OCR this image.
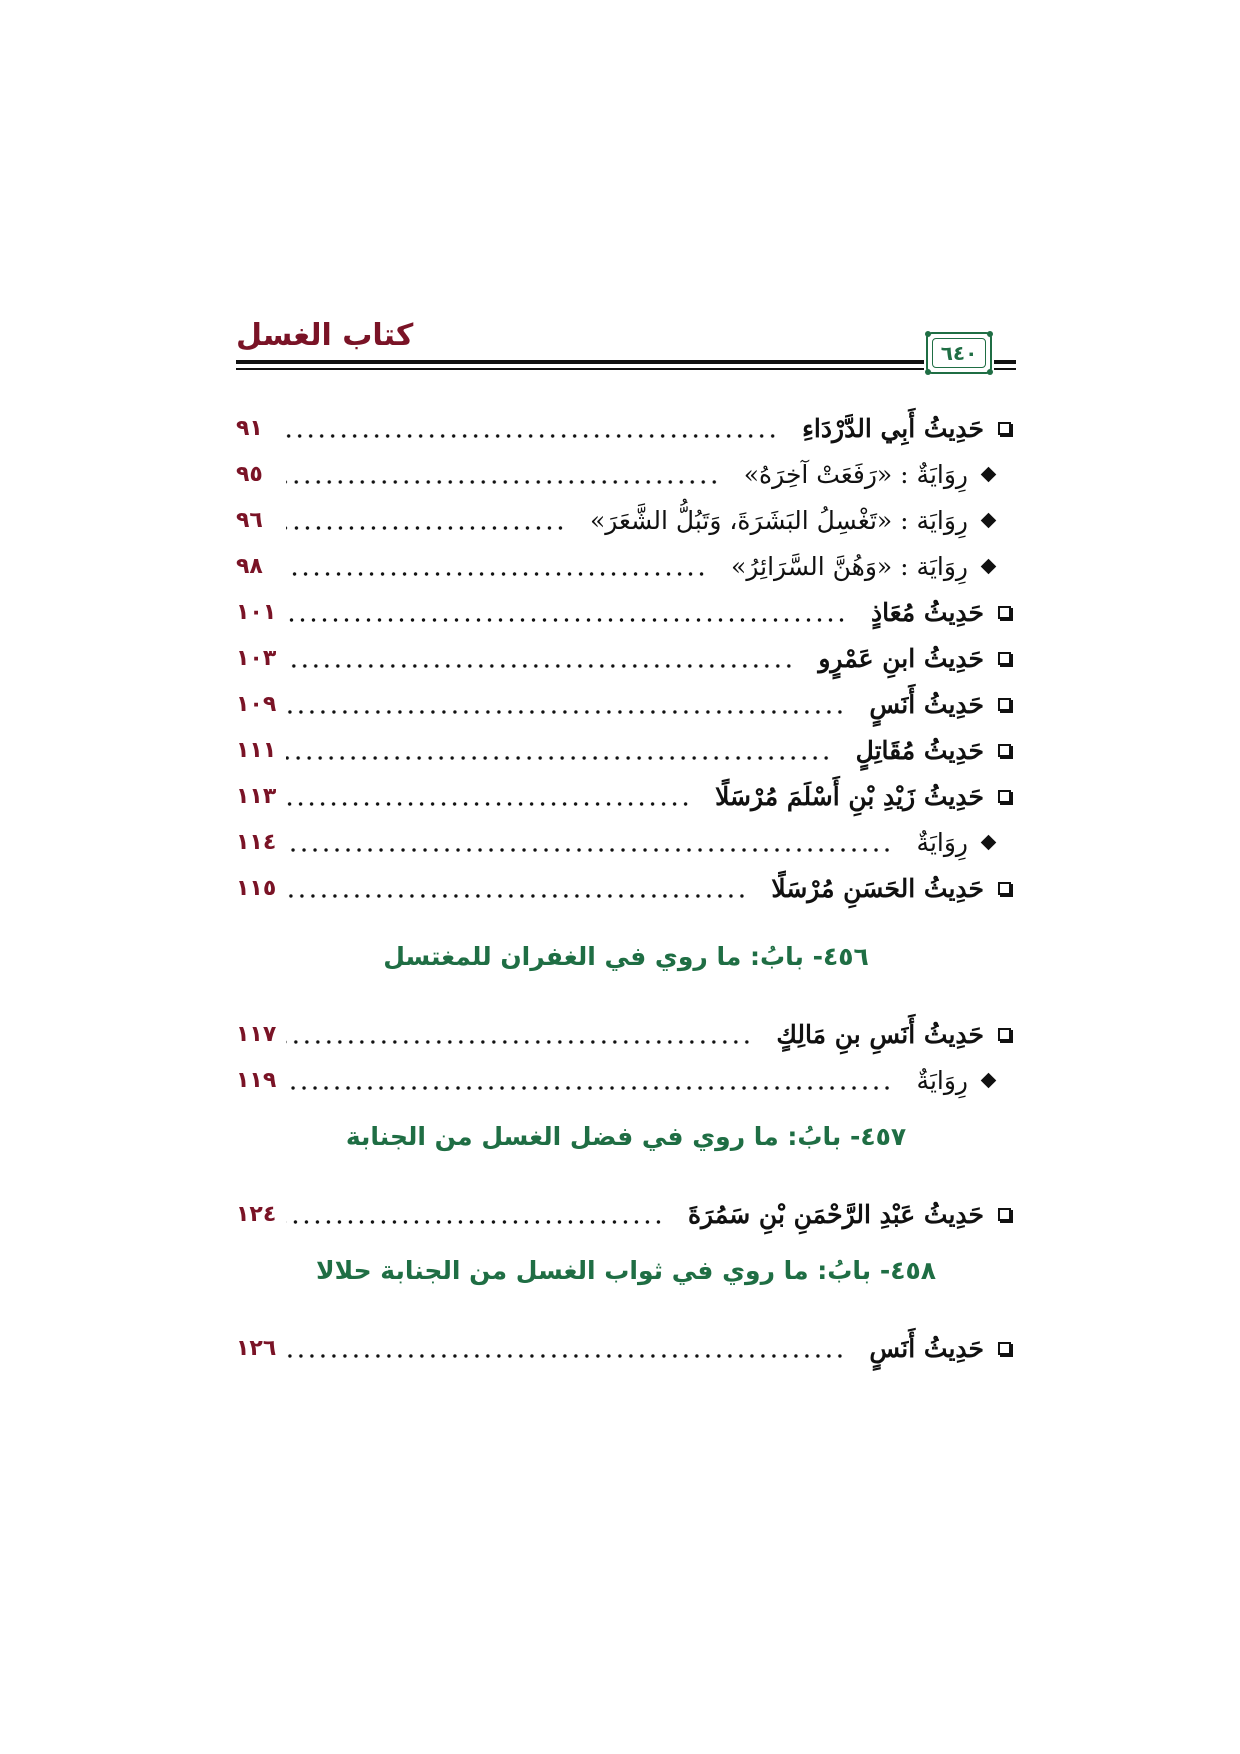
كتاب الغسل	٦٤٠
حَدِيثُ أَبِي الدَّرْدَاءِ
٩١
رِوَايَةٌ : «رَفَعَتْ آخِرَهُ»
٩٥
رِوَايَة : «تَغْسِلُ البَشَرَةَ، وَتَبُلُّ الشَّعَرَ»
٩٦
رِوَايَة : «وَهُنَّ السَّرَائِرُ»
٩٨
حَدِيثُ مُعَاذٍ
١٠١
حَدِيثُ ابنِ عَمْرٍو
١٠٣
حَدِيثُ أَنَسٍ
١٠٩
حَدِيثُ مُقَاتِلٍ
١١١
حَدِيثُ زَيْدِ بْنِ أَسْلَمَ مُرْسَلًا
١١٣
رِوَايَةٌ
١١٤
حَدِيثُ الحَسَنِ مُرْسَلًا
١١٥
٤٥٦- بابُ: ما روي في الغفران للمغتسل
حَدِيثُ أَنَسِ بنِ مَالِكٍ
١١٧
رِوَايَةٌ
١١٩
٤٥٧- بابُ: ما روي في فضل الغسل من الجنابة
حَدِيثُ عَبْدِ الرَّحْمَنِ بْنِ سَمُرَةَ
١٢٤
٤٥٨- بابُ: ما روي في ثواب الغسل من الجنابة حلالا
حَدِيثُ أَنَسٍ
١٢٦
